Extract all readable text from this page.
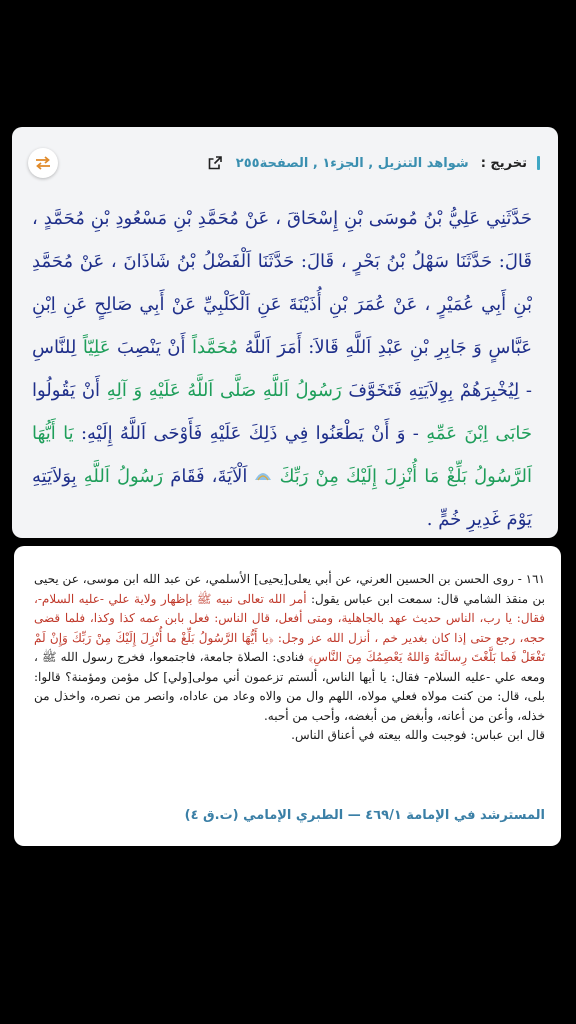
تخريج :
شواهد التنزيل , الجزء١ , الصفحة٢٥٥
حَدَّثَنِي عَلِيُّ بْنُ مُوسَى بْنِ إِسْحَاقَ ، عَنْ مُحَمَّدِ بْنِ مَسْعُودِ بْنِ مُحَمَّدٍ ، قَالَ: حَدَّثَنَا سَهْلُ بْنُ بَحْرٍ ، قَالَ: حَدَّثَنَا اَلْفَضْلُ بْنُ شَاذَانَ ، عَنْ مُحَمَّدِ بْنِ أَبِي عُمَيْرٍ ، عَنْ عُمَرَ بْنِ أُذَيْنَةَ عَنِ اَلْكَلْبِيِّ عَنْ أَبِي صَالِحٍ عَنِ اِبْنِ عَبَّاسٍ وَ جَابِرِ بْنِ عَبْدِ اَللَّهِ قَالاَ: أَمَرَ اَللَّهُ مُحَمَّداً أَنْ يَنْصِبَ عَلِيّاً لِلنَّاسِ - لِيُخْبِرَهُمْ بِوِلاَيَتِهِ فَتَخَوَّفَ رَسُولُ اَللَّهِ صَلَّى اَللَّهُ عَلَيْهِ وَ آلِهِ أَنْ يَقُولُوا حَابَى اِبْنَ عَمِّهِ - وَ أَنْ يَطْعَنُوا فِي ذَلِكَ عَلَيْهِ فَأَوْحَى اَللَّهُ إِلَيْهِ: يَا أَيُّهَا اَلرَّسُولُ بَلِّغْ مَا أُنْزِلَ إِلَيْكَ مِنْ رَبِّكَ  اَلْآيَةَ، فَقَامَ رَسُولُ اَللَّهِ بِوَلاَيَتِهِ يَوْمَ غَدِيرِ خُمٍّ .
١٦١ - روى الحسن بن الحسين العرني، عن أبي يعلى[يحيى] الأسلمي، عن عبد الله ابن موسى، عن يحيى بن منقذ الشامي قال: سمعت ابن عباس يقول: أمر الله تعالى نبيه ﷺ بإظهار ولاية علي -عليه السلام-، فقال: يا رب، الناس حديث عهد بالجاهلية، ومتى أفعل، قال الناس: فعل بابن عمه كذا وكذا، فلما قضى حجه، رجع حتى إذا كان بغدير خم ، أنزل الله عز وجل: ﴿يا أَيُّهَا الرَّسُولُ بَلِّغْ ما أُنْزِلَ إِلَيْكَ مِنْ رَبِّكَ وَإِنْ لَمْ تَفْعَلْ فَما بَلَّغْتَ رِسالَتَهُ وَاللهُ يَعْصِمُكَ مِنَ النَّاسِ﴾ فنادى: الصلاة جامعة، فاجتمعوا، فخرج رسول الله ﷺ ، ومعه علي -عليه السلام- فقال: يا أيها الناس، ألستم تزعمون أني مولى[ولي] كل مؤمن ومؤمنة؟ قالوا: بلى، قال: من كنت مولاه فعلي مولاه، اللهم وال من والاه وعاد من عاداه، وانصر من نصره، واخذل من خذله، وأعن من أعانه، وأبغض من أبغضه، وأحب من أحبه.
قال ابن عباس: فوجبت والله بيعته في أعناق الناس.
المسترشد في الإمامة ٤٦٩/١ — الطبري الإمامي (ت.ق ٤)
